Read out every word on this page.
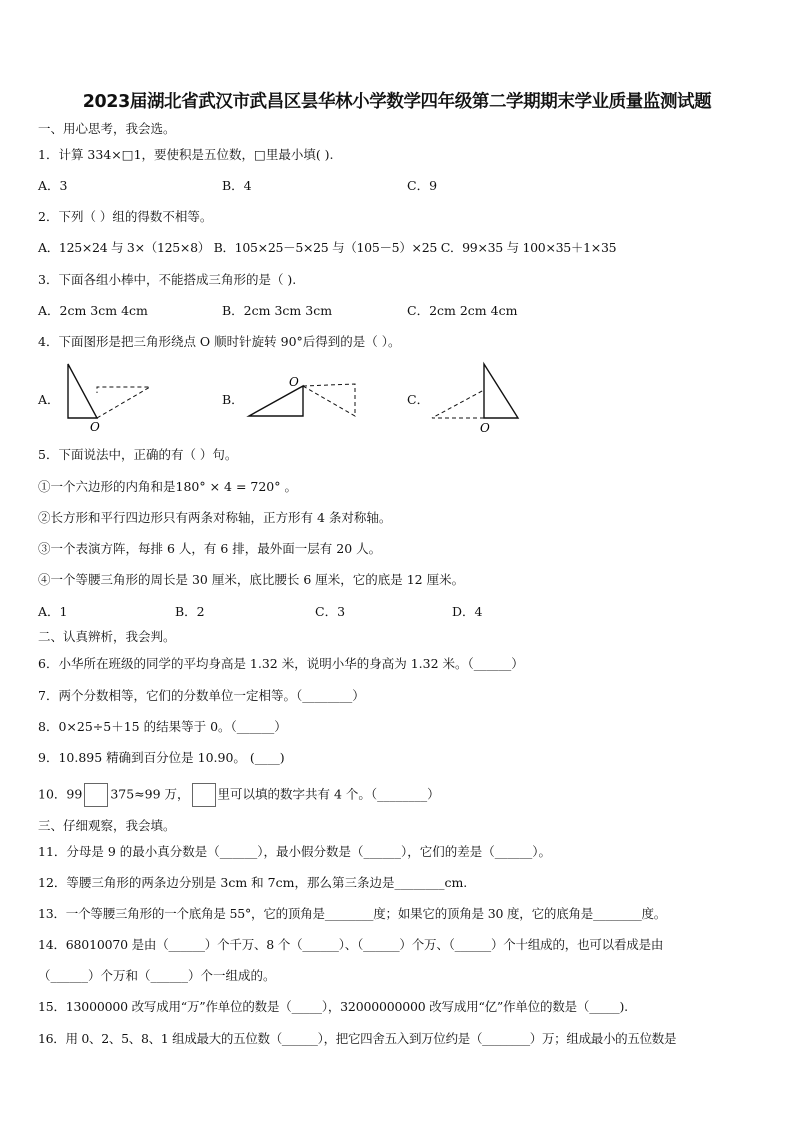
2023届湖北省武汉市武昌区昙华林小学数学四年级第二学期期末学业质量监测试题
一、用心思考，我会选。
1．计算 334×□1，要使积是五位数，□里最小填( ).
A．3	B．4	C．9
2．下列（ ）组的得数不相等。
A．125×24 与 3×（125×8） B．105×25－5×25 与（105－5）×25 C．99×35 与 100×35＋1×35
3．下面各组小棒中，不能搭成三角形的是（ ).
A．2cm 3cm 4cm	B．2cm 3cm 3cm	C．2cm 2cm 4cm
4．下面图形是把三角形绕点 O 顺时针旋转 90°后得到的是（ ）。
A．
O
B．
O
C．
O
5．下面说法中，正确的有（ ）句。
①一个六边形的内角和是180° × 4 = 720° 。
②长方形和平行四边形只有两条对称轴，正方形有 4 条对称轴。
③一个表演方阵，每排 6 人，有 6 排，最外面一层有 20 人。
④一个等腰三角形的周长是 30 厘米，底比腰长 6 厘米，它的底是 12 厘米。
A．1	B．2	C．3	D．4
二、认真辨析，我会判。
6．小华所在班级的同学的平均身高是 1.32 米，说明小华的身高为 1.32 米。（______）
7．两个分数相等，它们的分数单位一定相等。（________）
8．0×25÷5＋15 的结果等于 0。（______）
9．10.895 精确到百分位是 10.90。 (____)
10．99 375≈99 万， 里可以填的数字共有 4 个。（________）
三、仔细观察，我会填。
11．分母是 9 的最小真分数是（______），最小假分数是（______），它们的差是（______）。
12．等腰三角形的两条边分别是 3cm 和 7cm，那么第三条边是________cm.
13．一个等腰三角形的一个底角是 55°，它的顶角是________度；如果它的顶角是 30 度，它的底角是________度。
14．68010070 是由（______）个千万、8 个（______）、（______）个万、（______）个十组成的，也可以看成是由
（______）个万和（______）个一组成的。
15．13000000 改写成用“万”作单位的数是（_____），32000000000 改写成用“亿”作单位的数是（_____).
16．用 0、2、5、8、1 组成最大的五位数（______），把它四舍五入到万位约是（________）万；组成最小的五位数是
